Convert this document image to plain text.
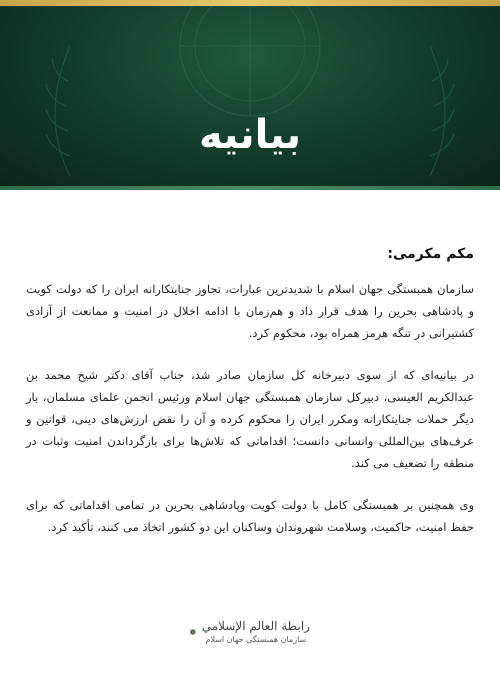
بیانیه

مکم مکرمی:

سازمان همبستگی جهان اسلام با شدیدترین عبارات، تجاوز جنایتکارانه ایران را که دولت کویت و پادشاهی بحرین را هدف قرار داد و هم‌زمان با ادامه اخلال در امنیت و ممانعت از آزادی کشتیرانی در تنگه هرمز همراه بود، محکوم کرد.

در بیانیه‌ای که از سوی دبیرخانه کل سازمان صادر شد، جناب آقای دکتر شیخ محمد بن عبدالکریم العیسی، دبیرکل سازمان همبستگی جهان اسلام ورئیس انجمن علمای مسلمان، بار دیگر حملات جنایتکارانه ومکرر ایران را محکوم کرده و آن را نقض ارزش‌های دینی، قوانین و عرف‌های بین‌المللی وانسانی دانست؛ اقداماتی که تلاش‌ها برای بازگرداندن امنیت وثبات در منطقه را تضعیف می کند.

وی همچنین بر همبستگی کامل با دولت کویت وپادشاهی بحرین در تمامی اقداماتی که برای حفظ امنیت، حاکمیت، وسلامت شهروندان وساکنان این دو کشور اتخاذ می کنند، تأکید کرد.

رابطة العالم الإسلامي
سازمان همبستگی جهان اسلام
